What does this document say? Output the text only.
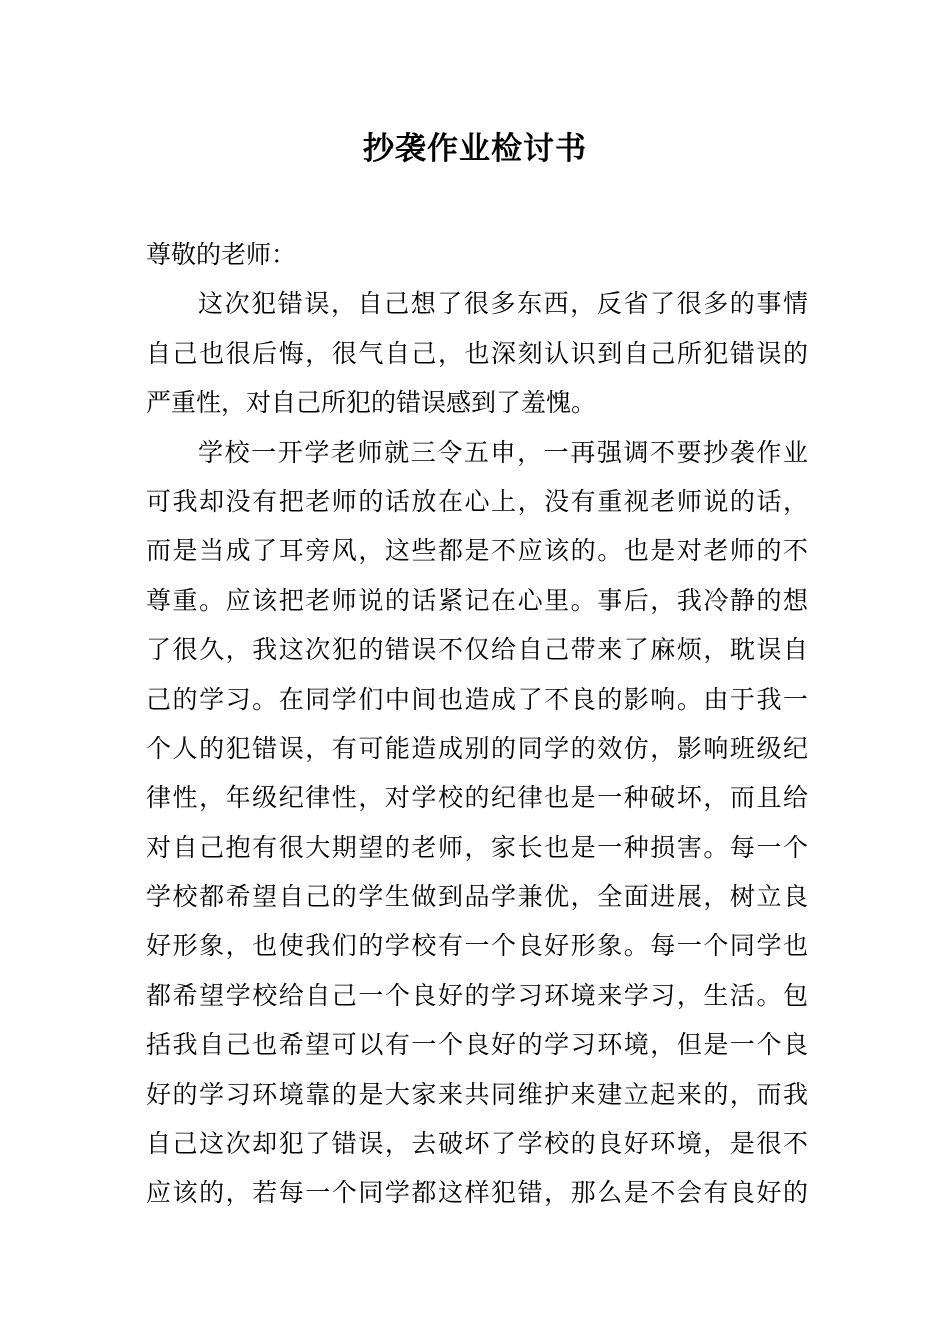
抄袭作业检讨书
尊敬的老师：
这次犯错误，自己想了很多东西，反省了很多的事情
自己也很后悔，很气自己，也深刻认识到自己所犯错误的
严重性，对自己所犯的错误感到了羞愧。
学校一开学老师就三令五申，一再强调不要抄袭作业
可我却没有把老师的话放在心上，没有重视老师说的话，
而是当成了耳旁风，这些都是不应该的。也是对老师的不
尊重。应该把老师说的话紧记在心里。事后，我冷静的想
了很久，我这次犯的错误不仅给自己带来了麻烦，耽误自
己的学习。在同学们中间也造成了不良的影响。由于我一
个人的犯错误，有可能造成别的同学的效仿，影响班级纪
律性，年级纪律性，对学校的纪律也是一种破坏，而且给
对自己抱有很大期望的老师，家长也是一种损害。每一个
学校都希望自己的学生做到品学兼优，全面进展，树立良
好形象，也使我们的学校有一个良好形象。每一个同学也
都希望学校给自己一个良好的学习环境来学习，生活。包
括我自己也希望可以有一个良好的学习环境，但是一个良
好的学习环境靠的是大家来共同维护来建立起来的，而我
自己这次却犯了错误，去破坏了学校的良好环境，是很不
应该的，若每一个同学都这样犯错，那么是不会有良好的
